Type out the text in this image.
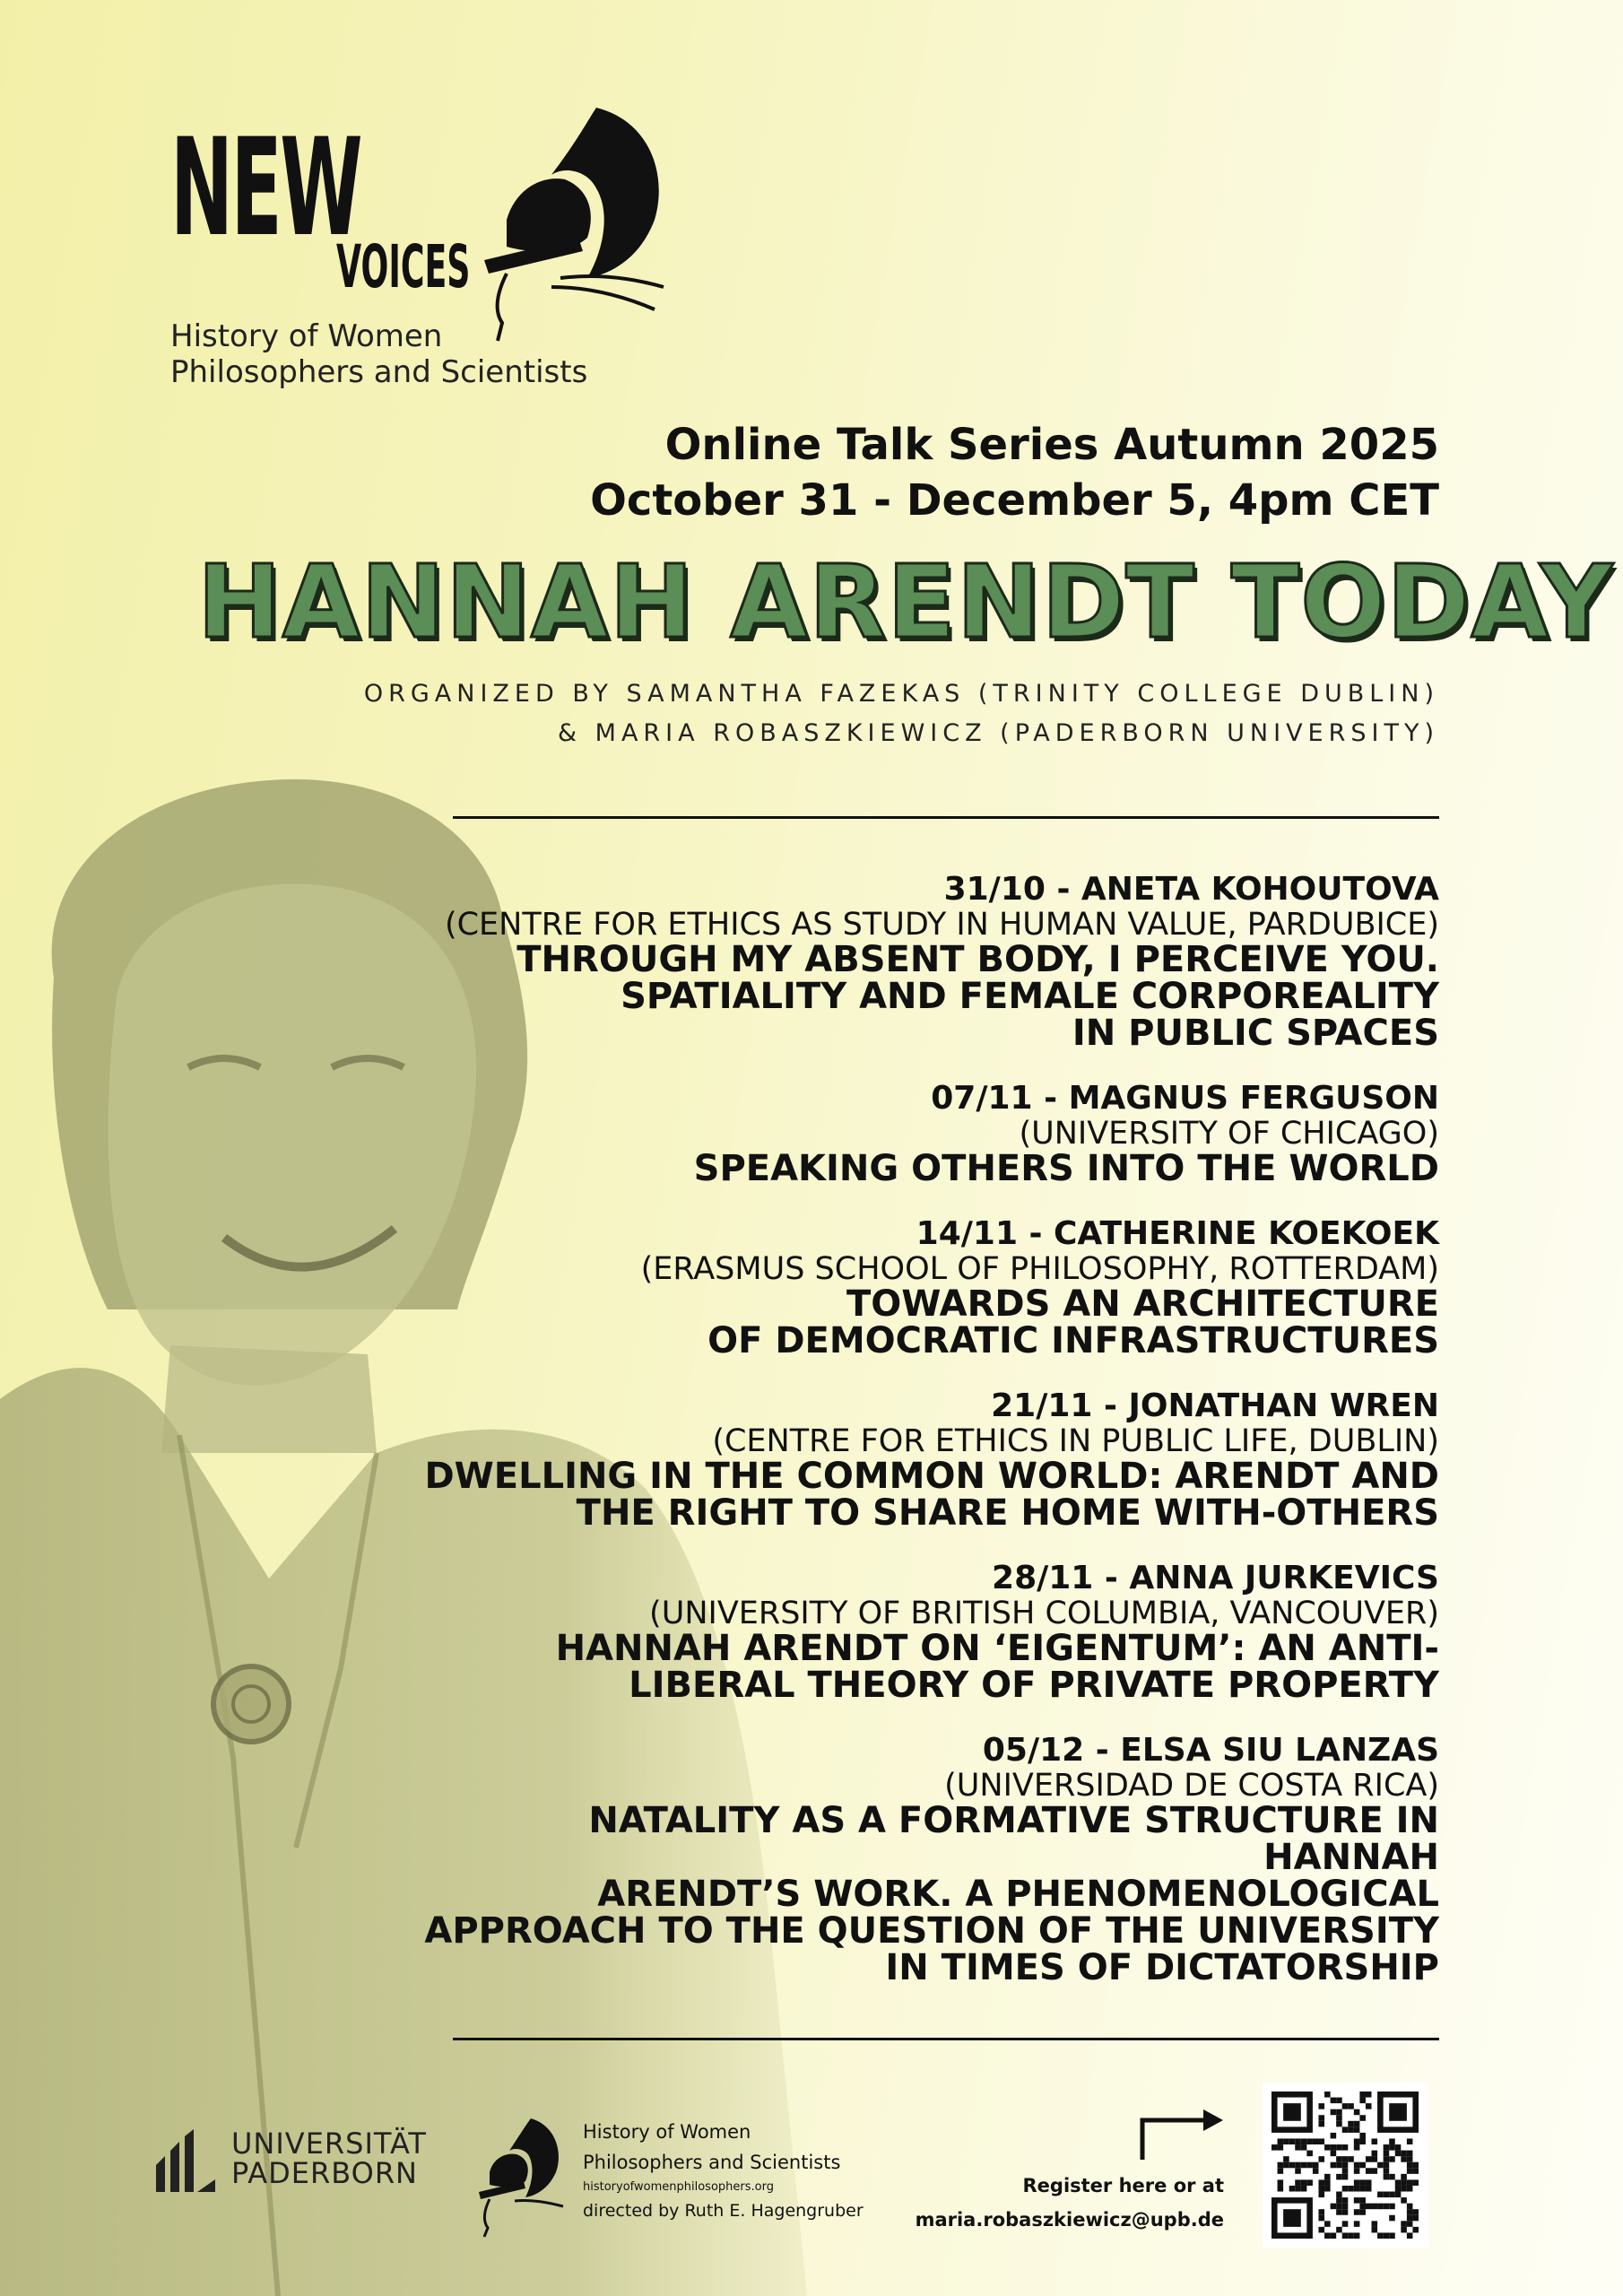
NEW
VOICES
History of Women
Philosophers and Scientists
Online Talk Series Autumn 2025
October 31 - December 5, 4pm CET
HANNAH ARENDT TODAY
ORGANIZED BY SAMANTHA FAZEKAS (TRINITY COLLEGE DUBLIN)
& MARIA ROBASZKIEWICZ (PADERBORN UNIVERSITY)
31/10 - ANETA KOHOUTOVA
(CENTRE FOR ETHICS AS STUDY IN HUMAN VALUE, PARDUBICE)
THROUGH MY ABSENT BODY, I PERCEIVE YOU.
SPATIALITY AND FEMALE CORPOREALITY
IN PUBLIC SPACES
07/11 - MAGNUS FERGUSON
(UNIVERSITY OF CHICAGO)
SPEAKING OTHERS INTO THE WORLD
14/11 - CATHERINE KOEKOEK
(ERASMUS SCHOOL OF PHILOSOPHY, ROTTERDAM)
TOWARDS AN ARCHITECTURE
OF DEMOCRATIC INFRASTRUCTURES
21/11 - JONATHAN WREN
(CENTRE FOR ETHICS IN PUBLIC LIFE, DUBLIN)
DWELLING IN THE COMMON WORLD: ARENDT AND
THE RIGHT TO SHARE HOME WITH-OTHERS
28/11 - ANNA JURKEVICS
(UNIVERSITY OF BRITISH COLUMBIA, VANCOUVER)
HANNAH ARENDT ON ‘EIGENTUM’: AN ANTI-
LIBERAL THEORY OF PRIVATE PROPERTY
05/12 - ELSA SIU LANZAS
(UNIVERSIDAD DE COSTA RICA)
NATALITY AS A FORMATIVE STRUCTURE IN HANNAH
ARENDT’S WORK. A PHENOMENOLOGICAL
APPROACH TO THE QUESTION OF THE UNIVERSITY
IN TIMES OF DICTATORSHIP
UNIVERSITÄT
PADERBORN
History of Women
Philosophers and Scientists
historyofwomenphilosophers.org
directed by Ruth E. Hagengruber
Register here or at
maria.robaszkiewicz@upb.de
